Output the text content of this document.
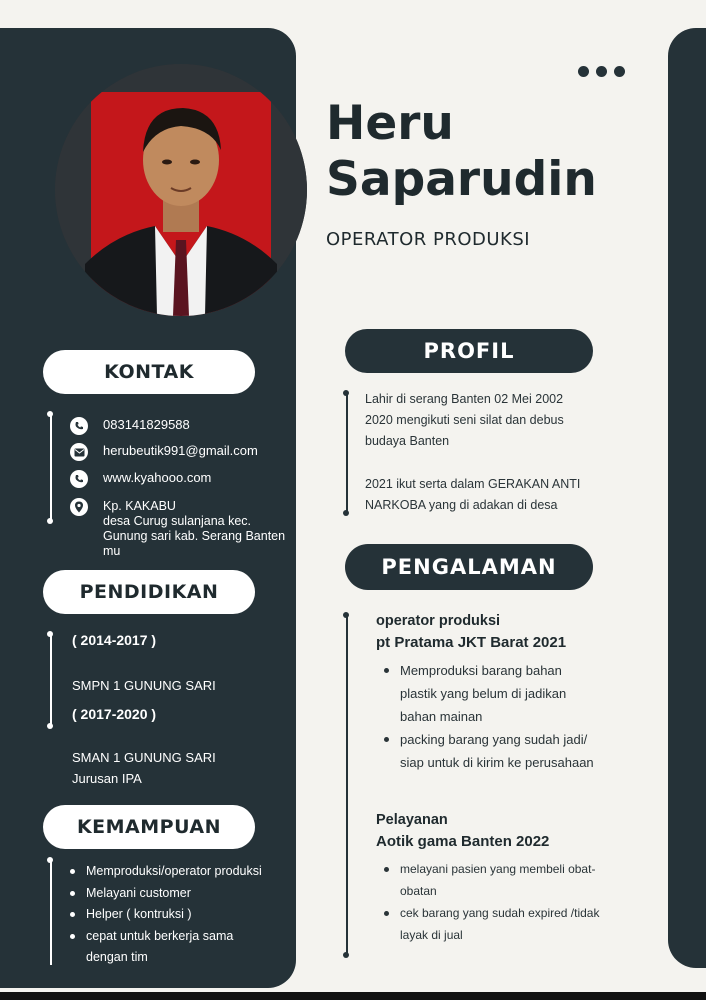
Heru
Saparudin
OPERATOR PRODUKSI
KONTAK
083141829588
herubeutik991@gmail.com
www.kyahooo.com
Kp. KAKABU
desa Curug sulanjana kec.
Gunung sari kab. Serang Banten
mu
PENDIDIKAN
( 2014-2017 )
SMPN 1 GUNUNG SARI
( 2017-2020 )
SMAN 1 GUNUNG SARI
Jurusan IPA
KEMAMPUAN
Memproduksi/operator produksi
Melayani customer
Helper ( kontruksi )
cepat untuk berkerja sama
dengan tim
PROFIL
Lahir di serang Banten 02 Mei 2002
2020 mengikuti seni silat dan debus
budaya Banten
2021 ikut serta dalam GERAKAN ANTI
NARKOBA yang di adakan di desa
PENGALAMAN
operator produksi
pt Pratama JKT Barat 2021
Memproduksi barang bahan
plastik yang belum di jadikan
bahan mainan
packing barang yang sudah jadi/
siap untuk di kirim ke perusahaan
Pelayanan
Aotik gama Banten 2022
melayani pasien yang membeli obat-
obatan
cek barang yang sudah expired /tidak
layak di jual
